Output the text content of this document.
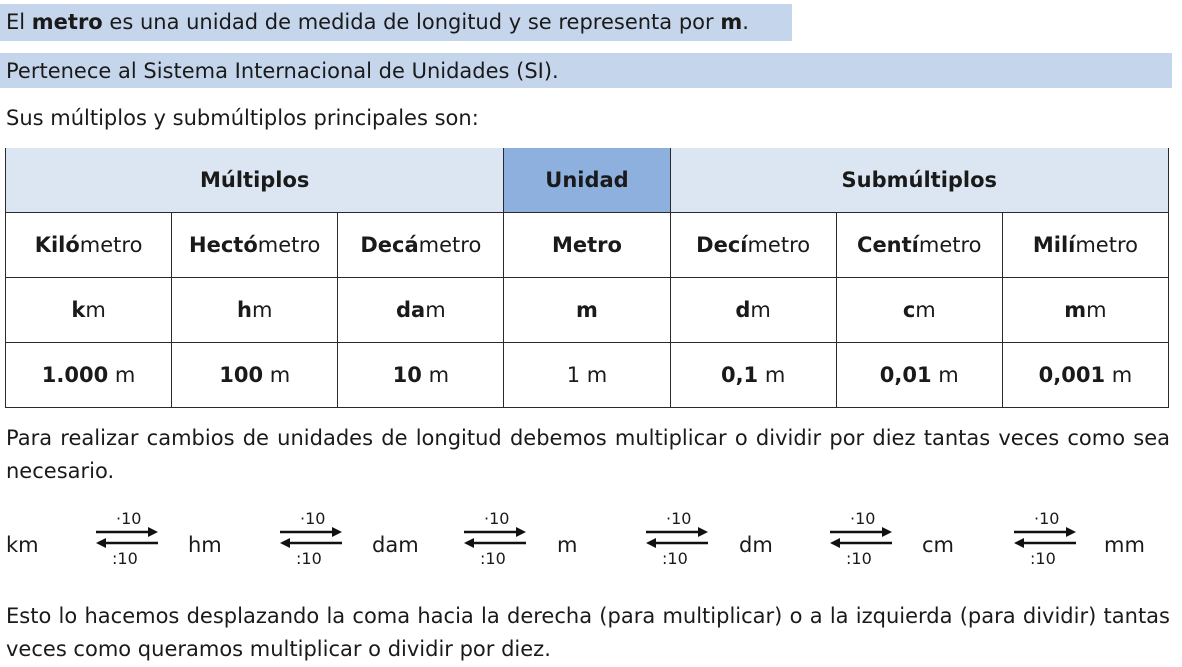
El metro es una unidad de medida de longitud y se representa por m.
Pertenece al Sistema Internacional de Unidades (SI).
Sus múltiplos y submúltiplos principales son:
Múltiplos			Unidad	Submúltiplos		
Kilómetro	Hectómetro	Decámetro	Metro	Decímetro	Centímetro	Milímetro
km	hm	dam	m	dm	cm	mm
1.000 m	100 m	10 m	1 m	0,1 m	0,01 m	0,001 m
Para realizar cambios de unidades de longitud debemos multiplicar o dividir por diez tantas veces como sea necesario.
km
·10
:10
hm
·10
:10
dam
·10
:10
m
·10
:10
dm
·10
:10
cm
·10
:10
mm
Esto lo hacemos desplazando la coma hacia la derecha (para multiplicar) o a la izquierda (para dividir) tantas veces como queramos multiplicar o dividir por diez.
